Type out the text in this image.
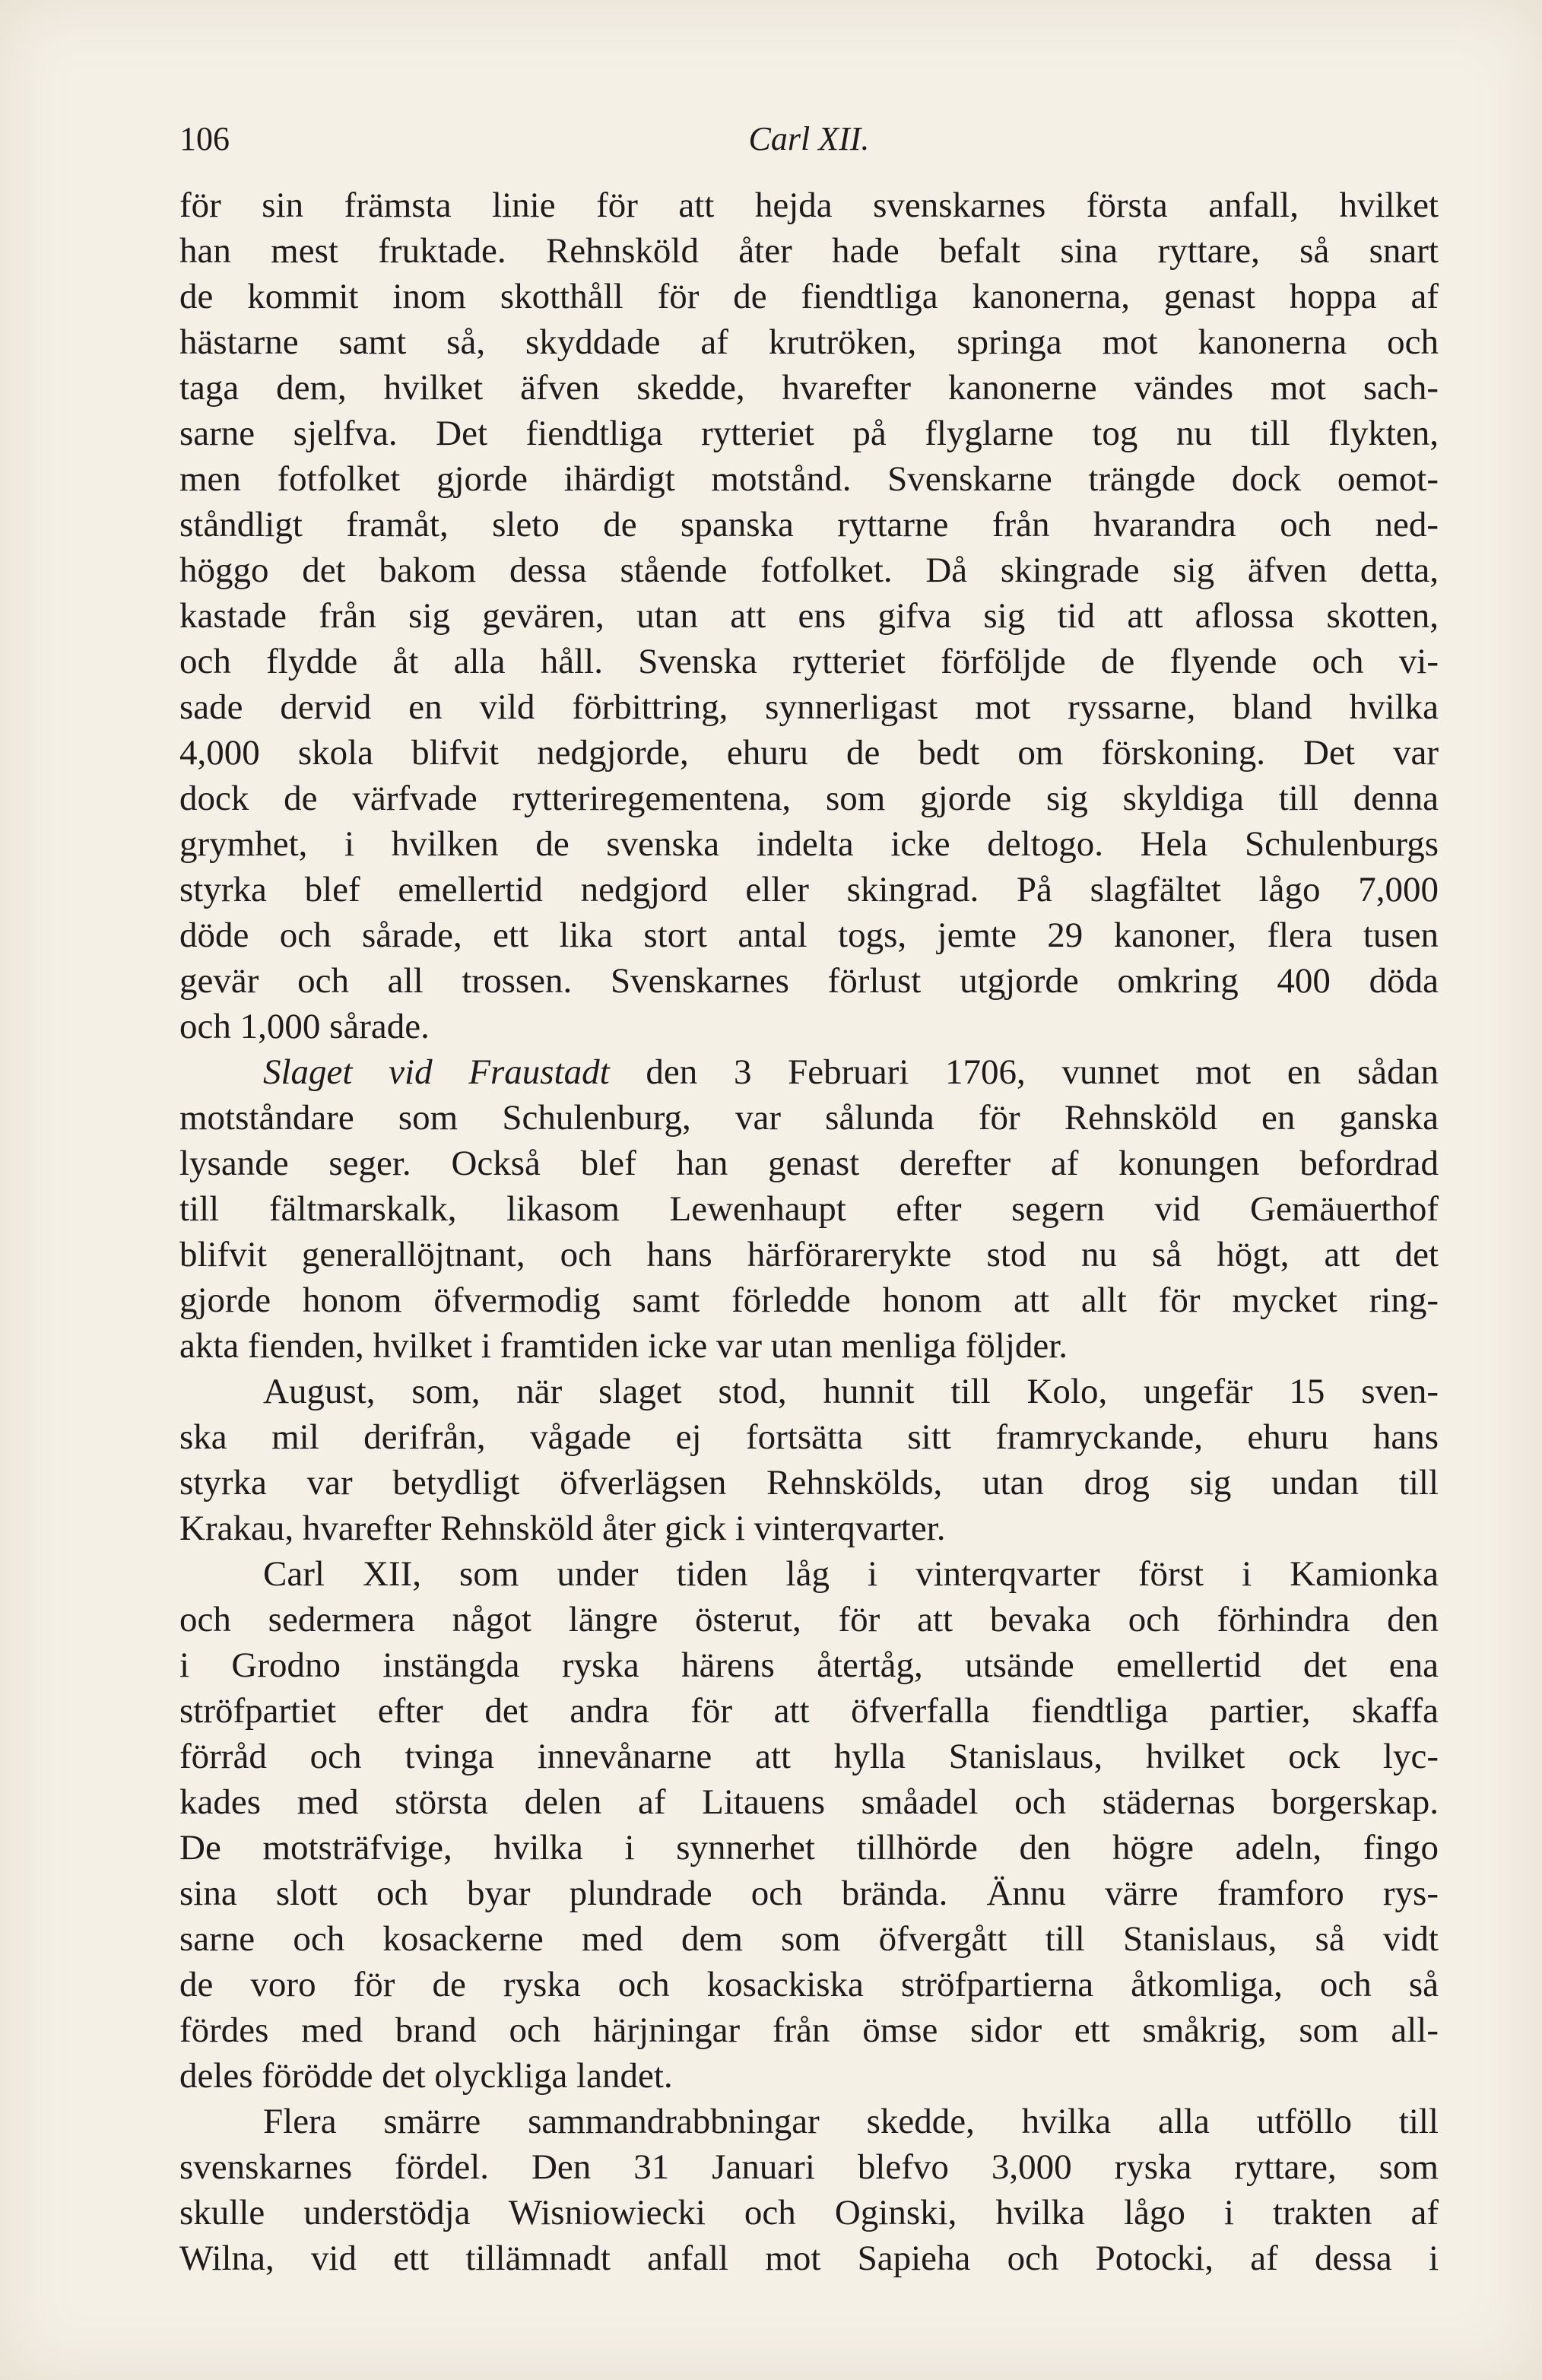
106	Carl XII.
för sin främsta linie för att hejda svenskarnes första anfall, hvilket
han mest fruktade. Rehnsköld åter hade befalt sina ryttare, så snart
de kommit inom skotthåll för de fiendtliga kanonerna, genast hoppa af
hästarne samt så, skyddade af krutröken, springa mot kanonerna och
taga dem, hvilket äfven skedde, hvarefter kanonerne vändes mot sach-
sarne sjelfva. Det fiendtliga rytteriet på flyglarne tog nu till flykten,
men fotfolket gjorde ihärdigt motstånd. Svenskarne trängde dock oemot-
ståndligt framåt, sleto de spanska ryttarne från hvarandra och ned-
höggo det bakom dessa stående fotfolket. Då skingrade sig äfven detta,
kastade från sig gevären, utan att ens gifva sig tid att aflossa skotten,
och flydde åt alla håll. Svenska rytteriet förföljde de flyende och vi-
sade dervid en vild förbittring, synnerligast mot ryssarne, bland hvilka
4,000 skola blifvit nedgjorde, ehuru de bedt om förskoning. Det var
dock de värfvade rytteriregementena, som gjorde sig skyldiga till denna
grymhet, i hvilken de svenska indelta icke deltogo. Hela Schulenburgs
styrka blef emellertid nedgjord eller skingrad. På slagfältet lågo 7,000
döde och sårade, ett lika stort antal togs, jemte 29 kanoner, flera tusen
gevär och all trossen. Svenskarnes förlust utgjorde omkring 400 döda
och 1,000 sårade.
Slaget vid Fraustadt den 3 Februari 1706, vunnet mot en sådan
motståndare som Schulenburg, var sålunda för Rehnsköld en ganska
lysande seger. Också blef han genast derefter af konungen befordrad
till fältmarskalk, likasom Lewenhaupt efter segern vid Gemäuerthof
blifvit generallöjtnant, och hans härförarerykte stod nu så högt, att det
gjorde honom öfvermodig samt förledde honom att allt för mycket ring-
akta fienden, hvilket i framtiden icke var utan menliga följder.
August, som, när slaget stod, hunnit till Kolo, ungefär 15 sven-
ska mil derifrån, vågade ej fortsätta sitt framryckande, ehuru hans
styrka var betydligt öfverlägsen Rehnskölds, utan drog sig undan till
Krakau, hvarefter Rehnsköld åter gick i vinterqvarter.
Carl XII, som under tiden låg i vinterqvarter först i Kamionka
och sedermera något längre österut, för att bevaka och förhindra den
i Grodno instängda ryska härens återtåg, utsände emellertid det ena
ströfpartiet efter det andra för att öfverfalla fiendtliga partier, skaffa
förråd och tvinga innevånarne att hylla Stanislaus, hvilket ock lyc-
kades med största delen af Litauens småadel och städernas borgerskap.
De motsträfvige, hvilka i synnerhet tillhörde den högre adeln, fingo
sina slott och byar plundrade och brända. Ännu värre framforo rys-
sarne och kosackerne med dem som öfvergått till Stanislaus, så vidt
de voro för de ryska och kosackiska ströfpartierna åtkomliga, och så
fördes med brand och härjningar från ömse sidor ett småkrig, som all-
deles förödde det olyckliga landet.
Flera smärre sammandrabbningar skedde, hvilka alla utföllo till
svenskarnes fördel. Den 31 Januari blefvo 3,000 ryska ryttare, som
skulle understödja Wisniowiecki och Oginski, hvilka lågo i trakten af
Wilna, vid ett tillämnadt anfall mot Sapieha och Potocki, af dessa i
